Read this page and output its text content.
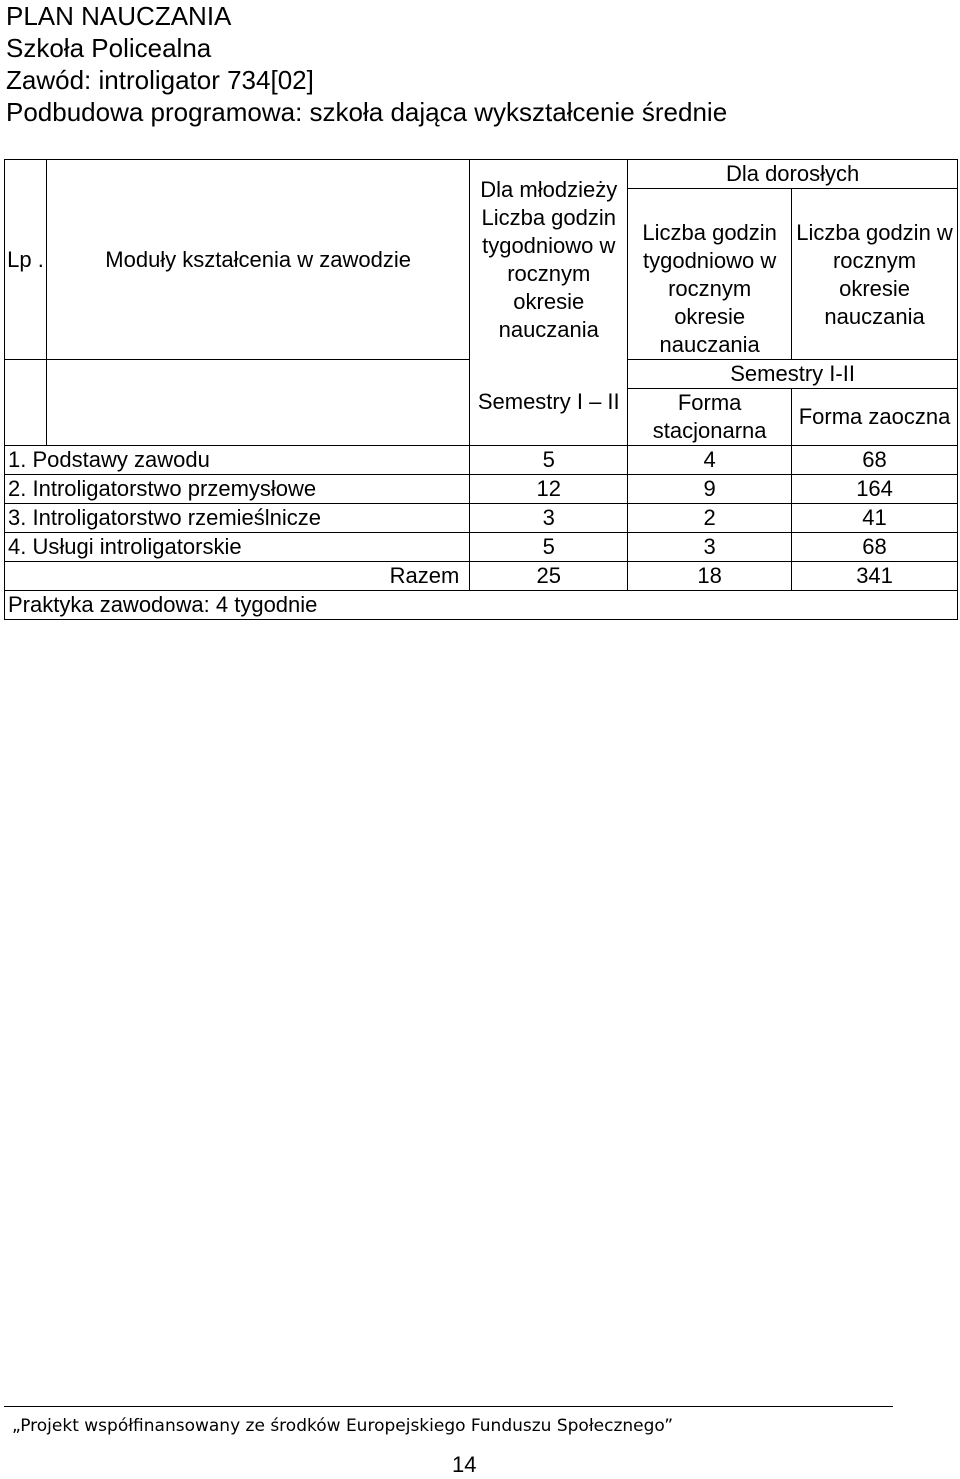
PLAN NAUCZANIA
Szkoła Policealna
Zawód: introligator 734[02]
Podbudowa programowa: szkoła dająca wykształcenie średnie
Lp .	Moduły kształcenia w zawodzie	Dla młodzieży Liczba godzin tygodniowo w rocznym okresie nauczania	Dla dorosłych	
			Liczba godzin tygodniowo w rocznym okresie nauczania	Liczba godzin w rocznym okresie nauczania
		Semestry I – II	Semestry I-II	
			Forma stacjonarna	Forma zaoczna
1. Podstawy zawodu		5	4	68
2. Introligatorstwo przemysłowe		12	9	164
3. Introligatorstwo rzemieślnicze		3	2	41
4. Usługi introligatorskie		5	3	68
Razem		25	18	341
Praktyka zawodowa: 4 tygodnie				
„Projekt współfinansowany ze środków Europejskiego Funduszu Społecznego”
14
